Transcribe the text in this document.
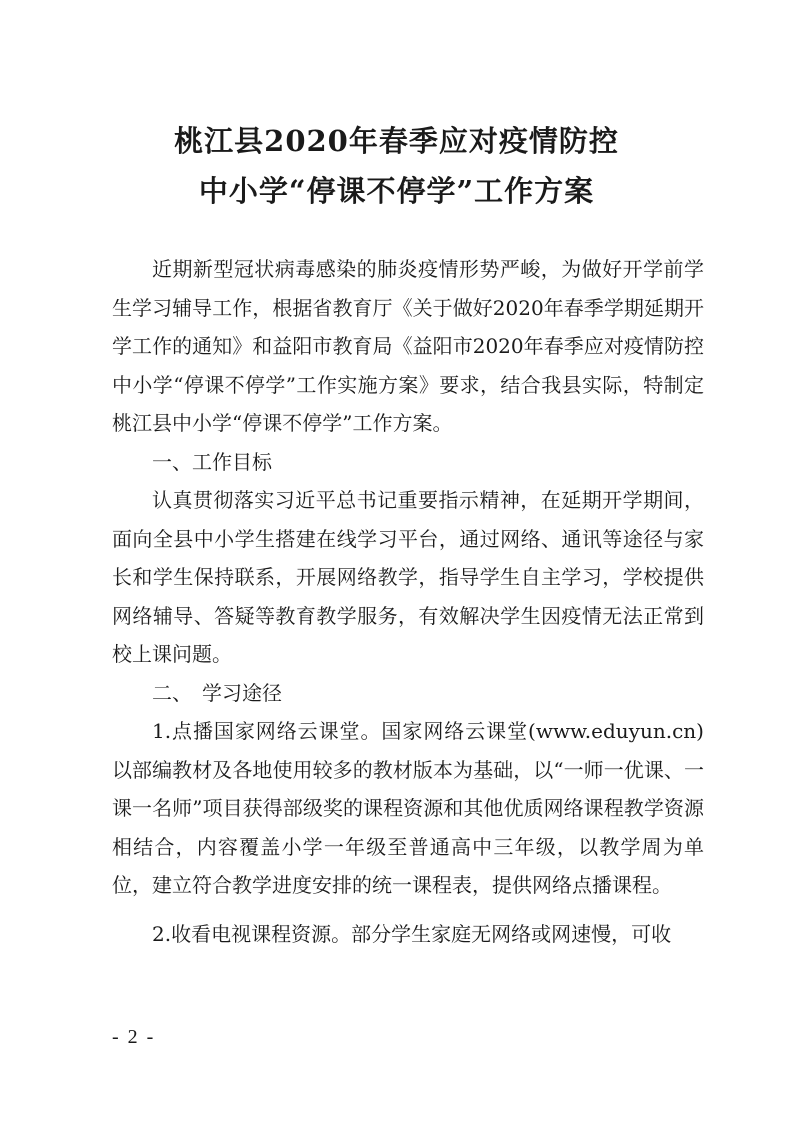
桃江县2020年春季应对疫情防控
中小学“停课不停学”工作方案

近期新型冠状病毒感染的肺炎疫情形势严峻，为做好开学前学生学习辅导工作，根据省教育厅《关于做好2020年春季学期延期开学工作的通知》和益阳市教育局《益阳市2020年春季应对疫情防控中小学“停课不停学”工作实施方案》要求，结合我县实际，特制定桃江县中小学“停课不停学”工作方案。

一、工作目标

认真贯彻落实习近平总书记重要指示精神，在延期开学期间，面向全县中小学生搭建在线学习平台，通过网络、通讯等途径与家长和学生保持联系，开展网络教学，指导学生自主学习，学校提供网络辅导、答疑等教育教学服务，有效解决学生因疫情无法正常到校上课问题。

二、　学习途径

1.点播国家网络云课堂。国家网络云课堂(www.eduyun.cn)以部编教材及各地使用较多的教材版本为基础，以“一师一优课、一课一名师”项目获得部级奖的课程资源和其他优质网络课程教学资源相结合，内容覆盖小学一年级至普通高中三年级，以教学周为单位，建立符合教学进度安排的统一课程表，提供网络点播课程。

2.收看电视课程资源。部分学生家庭无网络或网速慢，可收

- 2 -
